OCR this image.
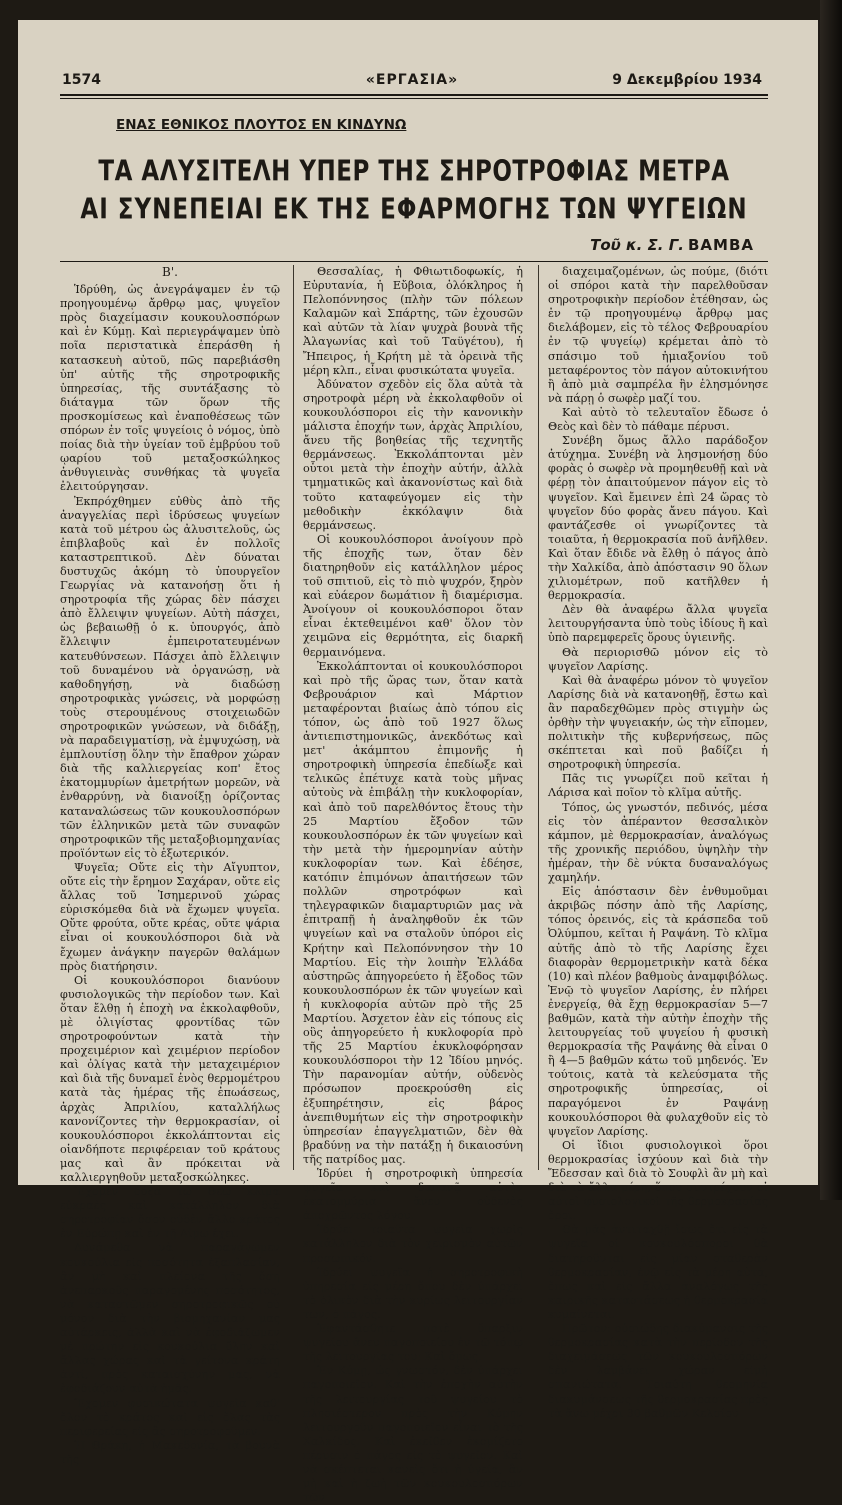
1574	«ΕΡΓΑΣΙΑ»	9 Δεκεμβρίου 1934
ΕΝΑΣ ΕΘΝΙΚΟΣ ΠΛΟΥΤΟΣ ΕΝ ΚΙΝΔΥΝΩ
ΤΑ ΑΛΥΣΙΤΕΛΗ ΥΠΕΡ ΤΗΣ ΣΗΡΟΤΡΟΦΙΑΣ ΜΕΤΡΑ
ΑΙ ΣΥΝΕΠΕΙΑΙ ΕΚ ΤΗΣ ΕΦΑΡΜΟΓΗΣ ΤΩΝ ΨΥΓΕΙΩΝ
Τοῦ κ. Σ. Γ. ΒΑΜΒΑ

Β'.

Ἱδρύθη, ὡς ἀνεγράψαμεν ἐν τῷ προηγουμένῳ ἄρθρῳ μας, ψυγεῖον πρὸς διαχείμασιν κουκουλοσπόρων καὶ ἐν Κύμῃ. Καὶ περιεγράψαμεν ὑπὸ ποῖα περιστατικὰ ἐπεράσθη ἡ κατασκευὴ αὐτοῦ, πῶς παρεβιάσθη ὑπ' αὐτῆς τῆς σηροτροφικῆς ὑπηρεσίας, τῆς συντάξασης τὸ διάταγμα τῶν ὅρων τῆς προσκομίσεως καὶ ἐναποθέσεως τῶν σπόρων ἐν τοῖς ψυγείοις ὁ νόμος, ὑπὸ ποίας διὰ τὴν ὑγείαν τοῦ ἐμβρύου τοῦ ῳαρίου τοῦ μεταξοσκώληκος ἀνθυγιεινὰς συνθήκας τὰ ψυγεῖα ἐλειτούργησαν.

Ἐκπρόχθημεν εὐθὺς ἀπὸ τῆς ἀναγγελίας περὶ ἱδρύσεως ψυγείων κατὰ τοῦ μέτρου ὡς ἀλυσιτελοῦς, ὡς ἐπιβλαβοῦς καὶ ἐν πολλοῖς καταστρεπτικοῦ. Δὲν δύναται δυστυχῶς ἀκόμη τὸ ὑπουργεῖον Γεωργίας νὰ κατανοήσῃ ὅτι ἡ σηροτροφία τῆς χώρας δὲν πάσχει ἀπὸ ἔλλειψιν ψυγείων. Αὐτὴ πάσχει, ὡς βεβαιωθῇ ὁ κ. ὑπουργός, ἀπὸ ἔλλειψιν ἐμπειροτατευμένων κατευθύνσεων. Πάσχει ἀπὸ ἔλλειψιν τοῦ δυναμένου νὰ ὀργανώσῃ, νὰ καθοδηγήσῃ, νὰ διαδώσῃ σηροτροφικὰς γνώσεις, νὰ μορφώσῃ τοὺς στερουμένους στοιχειωδῶν σηροτροφικῶν γνώσεων, νὰ διδάξῃ, νὰ παραδειγματίσῃ, νὰ ἐμψυχώσῃ, νὰ ἐμπλουτίσῃ ὅλην τὴν ἔπαθρον χώραν διὰ τῆς καλλιεργείας κοπ' ἔτος ἑκατομμυρίων ἀμετρήτων μορεῶν, νὰ ἐνθαρρύνῃ, νὰ διανοίξῃ ὁρίζοντας καταναλώσεως τῶν κουκουλοσπόρων τῶν ἑλληνικῶν μετὰ τῶν συναφῶν σηροτροφικῶν τῆς μεταξοβιομηχανίας προϊόντων εἰς τὸ ἐξωτερικόν.

Ψυγεῖα; Οὔτε εἰς τὴν Αἴγυπτον, οὔτε εἰς τὴν ἔρημον Σαχάραν, οὔτε εἰς ἄλλας τοῦ Ἰσημερινοῦ χώρας εὑρισκόμεθα διὰ νὰ ἔχωμεν ψυγεῖα. Οὔτε φρούτα, οὔτε κρέας, οὔτε ψάρια εἶναι οἱ κουκουλόσποροι διὰ νὰ ἔχωμεν ἀνάγκην παγερῶν θαλάμων πρὸς διατήρησιν.

Οἱ κουκουλόσποροι διανύουν φυσιολογικῶς τὴν περίοδον των. Καὶ ὅταν ἔλθῃ ἡ ἐποχὴ να ἐκκολαφθοῦν, μὲ ὀλιγίστας φροντίδας τῶν σηροτροφούντων κατὰ τὴν προχειμέριον καὶ χειμέριον περίοδον καὶ ὀλίγας κατὰ τὴν μεταχειμέριον καὶ διὰ τῆς δυναμεῖ ἑνὸς θερμομέτρου κατὰ τὰς ἡμέρας τῆς ἐπωάσεως, ἀρχὰς Ἀπριλίου, καταλλήλως κανονίζοντες τὴν θερμοκρασίαν, οἱ κουκουλόσποροι ἐκκολάπτονται εἰς οἱανδήποτε περιφέρειαν τοῦ κράτους μας καὶ ἂν πρόκειται νὰ καλλιεργηθοῦν μεταξοσκώληκες.

Ἔχομεν δόξα τῷ Θεῷ κλῖμα εὐκραὲς καὶ κατάλληλον διὰ σηροτροφίαν ὅσον οὐδὲν ἄλλο κράτος ἐν Εὐρώπῃ καὶ ἐν τῇ Αἰμῳ ἔχει.

Δυνάμεθα νὰ παραγάγωμεν κουκούλια εἰς ποσότητα ἐξαπλασίαν, ἂν μὴ καὶ πλείονα τῆς ὅση ἀνεπαρκοῦς παραγομένης ποσότητος, νὰ καταστῶμεν σηροτροφικῶς οὐ μόνον διὰ τὴν βιομηχανίαν μας αὐτάρκεις, ἀλλὰ καὶ νὰ ἐφοδιάζωμεν μὲ πρώτην εἰς κουκούλια ὕλην καὶ ἄλλας χώρας καὶ τὰ γείτονα κράτη ἀντί, πρὸς καταισχύνην μας, νὰ ἐφοδιάζουν αὐτὰ ἡμᾶς.

Ἔχομεν φυσικώτατα ψυγεῖα καθ' ὅλον τὸ κράτος καὶ εἰς ὅλας τὰς περιφερείας εἰς ἃς σηροτροφοῦμεν.

Ἡ Θράκη, ἡ Μακεδονία, τὰ βουνὰ τῆς

Θεσσαλίας, ἡ Φθιωτιδοφωκίς, ἡ Εὐρυτανία, ἡ Εὔβοια, ὁλόκληρος ἡ Πελοπόννησος (πλὴν τῶν πόλεων Καλαμῶν καὶ Σπάρτης, τῶν ἐχουσῶν καὶ αὐτῶν τὰ λίαν ψυχρὰ βουνὰ τῆς Ἀλαγωνίας καὶ τοῦ Ταϋγέτου), ἡ Ἤπειρος, ἡ Κρήτη μὲ τὰ ὀρεινὰ τῆς μέρη κλπ., εἶναι φυσικώτατα ψυγεῖα.

Ἀδύνατον σχεδὸν εἰς ὅλα αὐτὰ τὰ σηροτροφὰ μέρη νὰ ἐκκολαφθοῦν οἱ κουκουλόσποροι εἰς τὴν κανονικὴν μάλιστα ἐποχήν των, ἀρχὰς Ἀπριλίου, ἄνευ τῆς βοηθείας τῆς τεχνητῆς θερμάνσεως. Ἐκκολάπτονται μὲν οὗτοι μετὰ τὴν ἐποχὴν αὐτήν, ἀλλὰ τμηματικῶς καὶ ἀκανονίστως καὶ διὰ τοῦτο καταφεύγομεν εἰς τὴν μεθοδικὴν ἐκκόλαψιν διὰ θερμάνσεως.

Οἱ κουκουλόσποροι ἀνοίγουν πρὸ τῆς ἐποχῆς των, ὅταν δὲν διατηρηθοῦν εἰς κατάλληλον μέρος τοῦ σπιτιοῦ, εἰς τὸ πιὸ ψυχρόν, ξηρὸν καὶ εὐάερον δωμάτιον ἢ διαμέρισμα. Ἀνοίγουν οἱ κουκουλόσποροι ὅταν εἶναι ἐκτεθειμένοι καθ' ὅλον τὸν χειμῶνα εἰς θερμότητα, εἰς διαρκῆ θερμαινόμενα.

Ἐκκολάπτονται οἱ κουκουλόσποροι καὶ πρὸ τῆς ὥρας των, ὅταν κατὰ Φεβρουάριον καὶ Μάρτιον μεταφέρονται βιαίως ἀπὸ τόπου εἰς τόπον, ὡς ἀπὸ τοῦ 1927 ὅλως ἀντιεπιστημονικῶς, ἀνεκδότως καὶ μετ' ἀκάμπτου ἐπιμονῆς ἡ σηροτροφικὴ ὑπηρεσία ἐπεδίωξε καὶ τελικῶς ἐπέτυχε κατὰ τοὺς μῆνας αὐτοὺς νὰ ἐπιβάλῃ τὴν κυκλοφορίαν, καὶ ἀπὸ τοῦ παρελθόντος ἔτους τὴν 25 Μαρτίου ἔξοδον τῶν κουκουλοσπόρων ἐκ τῶν ψυγείων καὶ τὴν μετὰ τὴν ἡμερομηνίαν αὐτὴν κυκλοφορίαν των. Καὶ ἐδέησε, κατόπιν ἐπιμόνων ἀπαιτήσεων τῶν πολλῶν σηροτρόφων καὶ τηλεγραφικῶν διαμαρτυριῶν μας νὰ ἐπιτραπῇ ἡ ἀναληφθοῦν ἐκ τῶν ψυγείων καὶ να σταλοῦν ὑπόροι εἰς Κρήτην καὶ Πελοπόννησον τὴν 10 Μαρτίου. Εἰς τὴν λοιπὴν Ἑλλάδα αὐστηρῶς ἀπηγορεύετο ἡ ἔξοδος τῶν κουκουλοσπόρων ἐκ τῶν ψυγείων καὶ ἡ κυκλοφορία αὐτῶν πρὸ τῆς 25 Μαρτίου. Ἀσχετον ἐὰν εἰς τόπους εἰς οὓς ἀπηγορεύετο ἡ κυκλοφορία πρὸ τῆς 25 Μαρτίου ἐκυκλοφόρησαν κουκουλόσποροι τὴν 12 Ἰδίου μηνός. Τὴν παρανομίαν αὐτήν, οὐδενὸς πρόσωπον προεκρούσθη εἰς ἐξυπηρέτησιν, εἰς βάρος ἀνεπιθυμήτων εἰς τὴν σηροτροφικὴν ὑπηρεσίαν ἐπαγγελματιῶν, δὲν θὰ βραδύνῃ να τὴν πατάξῃ ἡ δικαιοσύνη τῆς πατρίδος μας.

Ἱδρύει ἡ σηροτροφικὴ ὑπηρεσία ψυγεῖα καὶ δαπανᾷ αὐτὴν ἑκατομμύρια ἄνευ οὐδενὸς ἀποχρῶντος λόγου.

Ἱδρύει τοιαῦτα ψυγεῖα χωρὶς κατάλληλον διὰ τὸν χειρισμὸν αὐτῶν προσωπικόν.

Ἱδρύει ψυγεῖα ἡ σηροτροφικὴ ὑπηρεσία εἰς μέρη ὅπου δὲν ὑπάρχει τὸ ὀλικὸν διὰ τὴν κυρίως λειτουργίαν των, ὁ πάγος.

Ἐφαντάσθητε ποτὲ ὕπαρξιν ψυγείου ἄνευ παγοποιείου ἐν τῷ τόπῳ τῆς λειτουργίας του; Καὶ ὅμως.

Ἐν Κύμῃ, ὡς γνωστόν, δὲν ὑπάρχει παγοποιεῖον. Καὶ τὴν ἐποχὴν αὐτὴν τῆς λειτουργίας τοῦ ψυγείου τὸ πλησιέστερον πρὸς τὴν Κύμην λειτουργοῦν παγοποιεῖον εἶναι τὸ τῆς Χαλκίδος. Καὶ ἐκεῖθεν ἐκομίζετο πέρυσιν ὁ πάγος εἰς τὸ ψυγεῖον. Καὶ νὰ σκέπτεται κανεὶς ὅτι ἡ ὑγεία, ἂν μὴ καὶ ἡ ζωὴ τῶν κουκουλοσπόρων τῶν

διαχειμαζομένων, ὡς πούμε, (διότι οἱ σπόροι κατὰ τὴν παρελθοῦσαν σηροτροφικὴν περίοδον ἐτέθησαν, ὡς ἐν τῷ προηγουμένῳ ἄρθρῳ μας διελάβομεν, εἰς τὸ τέλος Φεβρουαρίου ἐν τῷ ψυγείῳ) κρέμεται ἀπὸ τὸ σπάσιμο τοῦ ἡμιαξονίου τοῦ μεταφέροντος τὸν πάγον αὐτοκινήτου ἢ ἀπὸ μιὰ σαμπρέλα ἣν ἐλησμόνησε νὰ πάρῃ ὁ σωφὲρ μαζί του.

Καὶ αὐτὸ τὸ τελευταῖον ἔδωσε ὁ Θεὸς καὶ δὲν τὸ πάθαμε πέρυσι.

Συνέβη ὅμως ἄλλο παράδοξον ἀτύχημα. Συνέβη νὰ λησμονήσῃ δύο φορὰς ὁ σωφὲρ νὰ προμηθευθῇ καὶ νὰ φέρῃ τὸν ἀπαιτούμενον πάγον εἰς τὸ ψυγεῖον. Καὶ ἔμεινεν ἐπὶ 24 ὥρας τὸ ψυγεῖον δύο φορὰς ἄνευ πάγου. Καὶ φαντάζεσθε οἱ γνωρίζοντες τὰ τοιαῦτα, ἡ θερμοκρασία ποῦ ἀνῆλθεν. Καὶ ὅταν ἔδιδε νὰ ἔλθῃ ὁ πάγος ἀπὸ τὴν Χαλκίδα, ἀπὸ ἀπόστασιν 90 ὅλων χιλιομέτρων, ποῦ κατῆλθεν ἡ θερμοκρασία.

Δὲν θὰ ἀναφέρω ἄλλα ψυγεῖα λειτουργήσαντα ὑπὸ τοὺς ἰδίους ἢ καὶ ὑπὸ παρεμφερεῖς ὅρους ὑγιεινῆς.

Θὰ περιορισθῶ μόνον εἰς τὸ ψυγεῖον Λαρίσης.

Καὶ θὰ ἀναφέρω μόνον τὸ ψυγεῖον Λαρίσης διὰ νὰ κατανοηθῇ, ἔστω καὶ ἂν παραδεχθῶμεν πρὸς στιγμὴν ὡς ὀρθὴν τὴν ψυγειακήν, ὡς τὴν εἴπομεν, πολιτικὴν τῆς κυβερνήσεως, πῶς σκέπτεται καὶ ποῦ βαδίζει ἡ σηροτροφικὴ ὑπηρεσία.

Πᾶς τις γνωρίζει ποῦ κεῖται ἡ Λάρισα καὶ ποῖον τὸ κλῖμα αὐτῆς.

Τόπος, ὡς γνωστόν, πεδινός, μέσα εἰς τὸν ἀπέραντον θεσσαλικὸν κάμπον, μὲ θερμοκρασίαν, ἀναλόγως τῆς χρονικῆς περιόδου, ὑψηλὴν τὴν ἡμέραν, τὴν δὲ νύκτα δυσαναλόγως χαμηλήν.

Εἰς ἀπόστασιν δὲν ἐνθυμοῦμαι ἀκριβῶς πόσην ἀπὸ τῆς Λαρίσης, τόπος ὀρεινός, εἰς τὰ κράσπεδα τοῦ Ὀλύμπου, κεῖται ἡ Ραψάνη. Τὸ κλῖμα αὐτῆς ἀπὸ τὸ τῆς Λαρίσης ἔχει διαφορὰν θερμομετρικὴν κατὰ δέκα (10) καὶ πλέον βαθμοὺς ἀναμφιβόλως. Ἐνῷ τὸ ψυγεῖον Λαρίσης, ἐν πλήρει ἐνεργείᾳ, θὰ ἔχῃ θερμοκρασίαν 5—7 βαθμῶν, κατὰ τὴν αὐτὴν ἐποχὴν τῆς λειτουργείας τοῦ ψυγείου ἡ φυσικὴ θερμοκρασία τῆς Ραψάνης θὰ εἶναι 0 ἢ 4—5 βαθμῶν κάτω τοῦ μηδενός. Ἐν τούτοις, κατὰ τὰ κελεύσματα τῆς σηροτροφικῆς ὑπηρεσίας, οἱ παραγόμενοι ἐν Ραψάνῃ κουκουλόσποροι θὰ φυλαχθοῦν εἰς τὸ ψυγεῖον Λαρίσης.

Οἱ ἴδιοι φυσιολογικοὶ ὅροι θερμοκρασίας ἰσχύουν καὶ διὰ τὴν Ἔδεσσαν καὶ διὰ τὸ Σουφλὶ ἂν μὴ καὶ διὰ τὰ ἄλλα μέρη, ὅπου συντρέχουν οἱ αὐτοὶ φυσιολογικοὶ τῆς θερμοκρασίας ὅροι.

Θὰ μᾶς ἀντιταχθῇ ἴσως ὅτι εἰς τὰ ψυγεῖα οἱ κουκουλόσποροι θὰ διατηροῦνται εἰς μίαν σταθερὰν θερμοκρασίαν, ἐνῷ εἰς τὰ μέρη αὐτά, ὅπως καὶ εἰς ἄλλα ἀναλόγως τῆς καιρικῆς καταστάσεως ἡ θερμοκρασία κυμαίνεται.

Πρῶτον: οὐσιώδης διακύμανσις τῆς θερμοκρασίας κατὰ τὴν περίοδον τῆς διαχειμάσεως τῶν κουκουλοσπόρων δὲν λαμβάνει χώραν εἰμὴ σπανιώτατα. Τοιαύτη θεομηνία διακυμάνσεως τῆς θερμοκρασίας πρὸς τὰ ἄνω μέχρι 30 βαθμῶν Κελσίου
